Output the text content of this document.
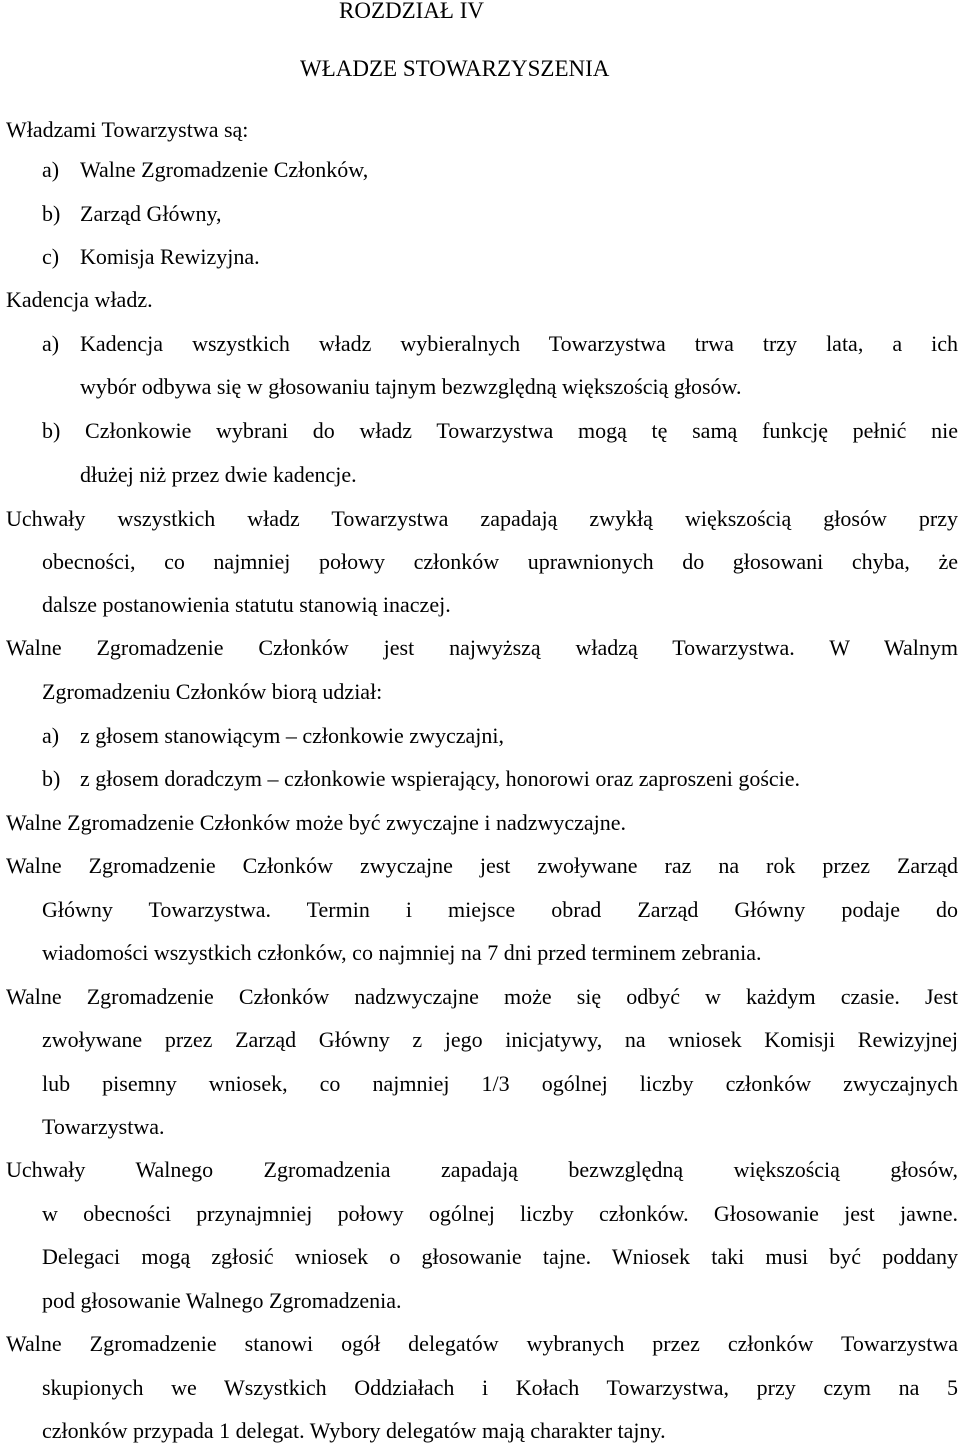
ROZDZIAŁ IV
WŁADZE STOWARZYSZENIA
Władzami Towarzystwa są:
a) Walne Zgromadzenie Członków,
b) Zarząd Główny,
c) Komisja Rewizyjna.
Kadencja władz.
a) Kadencja wszystkich władz wybieralnych Towarzystwa trwa trzy lata, a ich
wybór odbywa się w głosowaniu tajnym bezwzględną większością głosów.
b) Członkowie wybrani do władz Towarzystwa mogą tę samą funkcję pełnić nie
dłużej niż przez dwie kadencje.
Uchwały wszystkich władz Towarzystwa zapadają zwykłą większością głosów przy
obecności, co najmniej połowy członków uprawnionych do głosowani chyba, że
dalsze postanowienia statutu stanowią inaczej.
Walne Zgromadzenie Członków jest najwyższą władzą Towarzystwa. W Walnym
Zgromadzeniu Członków biorą udział:
a) z głosem stanowiącym – członkowie zwyczajni,
b) z głosem doradczym – członkowie wspierający, honorowi oraz zaproszeni goście.
Walne Zgromadzenie Członków może być zwyczajne i nadzwyczajne.
Walne Zgromadzenie Członków zwyczajne jest zwoływane raz na rok przez Zarząd
Główny Towarzystwa. Termin i miejsce obrad Zarząd Główny podaje do
wiadomości wszystkich członków, co najmniej na 7 dni przed terminem zebrania.
Walne Zgromadzenie Członków nadzwyczajne może się odbyć w każdym czasie. Jest
zwoływane przez Zarząd Główny z jego inicjatywy, na wniosek Komisji Rewizyjnej
lub pisemny wniosek, co najmniej 1/3 ogólnej liczby członków zwyczajnych
Towarzystwa.
Uchwały Walnego Zgromadzenia zapadają bezwzględną większością głosów,
w obecności przynajmniej połowy ogólnej liczby członków. Głosowanie jest jawne.
Delegaci mogą zgłosić wniosek o głosowanie tajne. Wniosek taki musi być poddany
pod głosowanie Walnego Zgromadzenia.
Walne Zgromadzenie stanowi ogół delegatów wybranych przez członków Towarzystwa
skupionych we Wszystkich Oddziałach i Kołach Towarzystwa, przy czym na 5
członków przypada 1 delegat. Wybory delegatów mają charakter tajny.
